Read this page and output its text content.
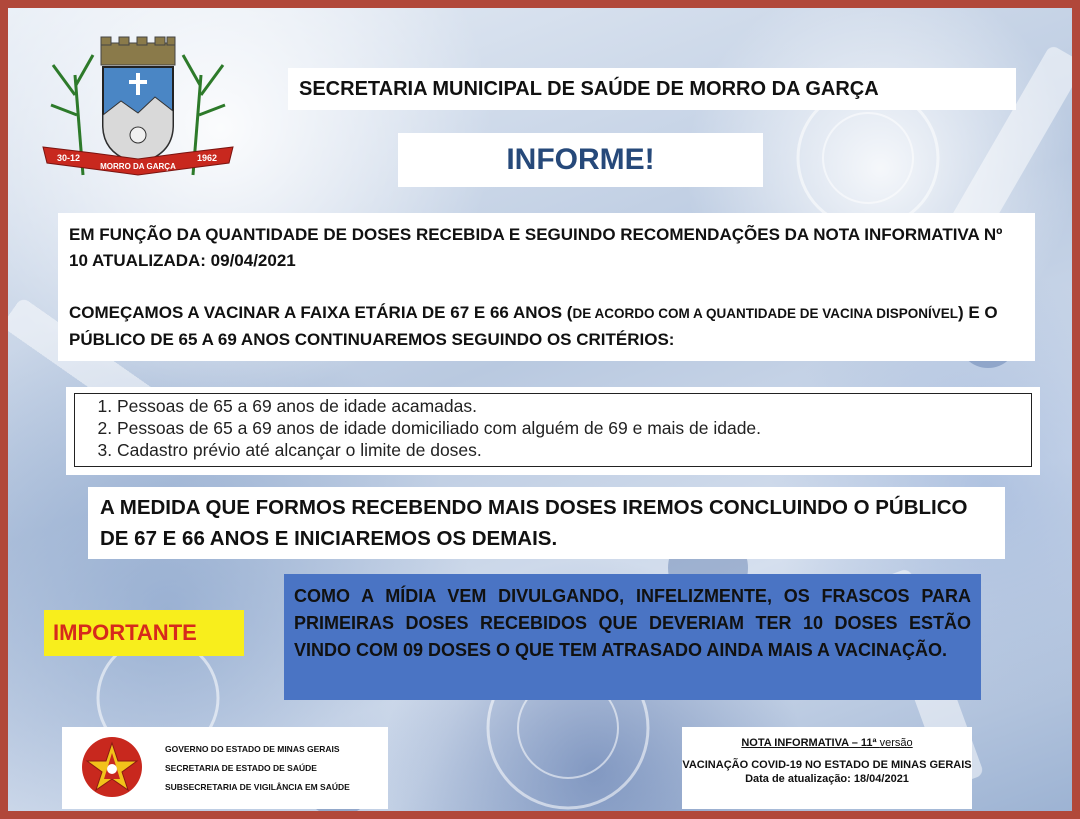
30-12
MORRO DA GARÇA
1962
SECRETARIA MUNICIPAL DE SAÚDE DE MORRO DA GARÇA
INFORME!

EM FUNÇÃO DA QUANTIDADE DE DOSES RECEBIDA E SEGUINDO RECOMENDAÇÕES DA NOTA INFORMATIVA Nº 10 ATUALIZADA: 09/04/2021

COMEÇAMOS A VACINAR A FAIXA ETÁRIA DE 67 E 66 ANOS (DE ACORDO COM A QUANTIDADE DE VACINA DISPONÍVEL) E O PÚBLICO DE 65 A 69 ANOS CONTINUAREMOS SEGUINDO OS CRITÉRIOS:

1. Pessoas de 65 a 69 anos de idade acamadas.
2. Pessoas de 65 a 69 anos de idade domiciliado com alguém de 69 e mais de idade.
3. Cadastro prévio até alcançar o limite de doses.
A MEDIDA QUE FORMOS RECEBENDO MAIS DOSES IREMOS CONCLUINDO O PÚBLICO DE 67 E 66 ANOS E INICIAREMOS OS DEMAIS.
IMPORTANTE
COMO A MÍDIA VEM DIVULGANDO, INFELIZMENTE, OS FRASCOS PARA PRIMEIRAS DOSES RECEBIDOS QUE DEVERIAM TER 10 DOSES ESTÃO VINDO COM 09 DOSES O QUE TEM ATRASADO AINDA MAIS A VACINAÇÃO.
GOVERNO DO ESTADO DE MINAS GERAIS
SECRETARIA DE ESTADO DE SAÚDE
SUBSECRETARIA DE VIGILÂNCIA EM SAÚDE
NOTA INFORMATIVA – 11ª versão
VACINAÇÃO COVID-19 NO ESTADO DE MINAS GERAIS
Data de atualização: 18/04/2021
